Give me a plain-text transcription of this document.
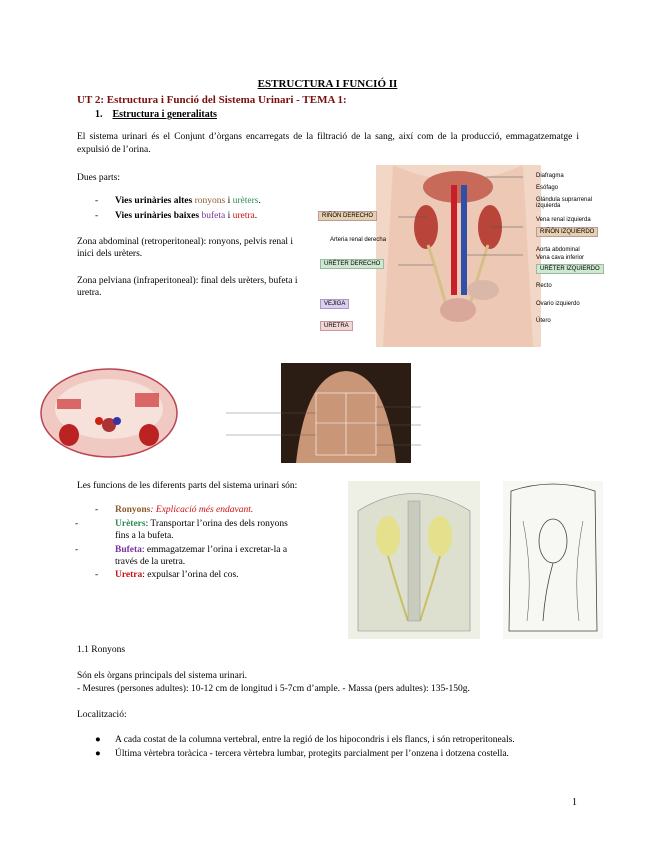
ESTRUCTURA I FUNCIÓ II
UT 2: Estructura i Funció del Sistema Urinari - TEMA 1:
1. Estructura i generalitats
El sistema urinari és el Conjunt d’òrgans encarregats de la filtració de la sang, així com de la producció, emmagatzematge i expulsió de l’orina.
Dues parts:
- Vies urinàries altes ronyons i urèters.
- Vies urinàries baixes bufeta i uretra.
Zona abdominal (retroperitoneal): ronyons, pelvis renal i inici dels urèters.
Zona pelviana (infraperitoneal): final dels urèters, bufeta i uretra.
RIÑÓN DERECHO
Arteria renal derecha
URÉTER DERECHO
VEJIGA
URETRA
Diafragma
Esófago
Glándula suprarrenal izquierda
Vena renal izquierda
RIÑÓN IZQUIERDO
Aorta abdominal
Vena cava inferior
URÉTER IZQUIERDO
Recto
Ovario izquierdo
Útero
Les funcions de les diferents parts del sistema urinari són:
- Ronyons: Explicació més endavant.
-	Urèters: Transportar l’orina des dels ronyons fins a la bufeta.
-	Bufeta: emmagatzemar l’orina i excretar-la a través de la uretra.
- Uretra: expulsar l’orina del cos.
1.1 Ronyons
Són els òrgans principals del sistema urinari.
- Mesures (persones adultes): 10-12 cm de longitud i 5-7cm d’ample. - Massa (pers adultes): 135-150g.
Localització:
● A cada costat de la columna vertebral, entre la regió de los hipocondris i els flancs, i són retroperitoneals.
● Última vèrtebra toràcica - tercera vèrtebra lumbar, protegits parcialment per l’onzena i dotzena costella.
1
